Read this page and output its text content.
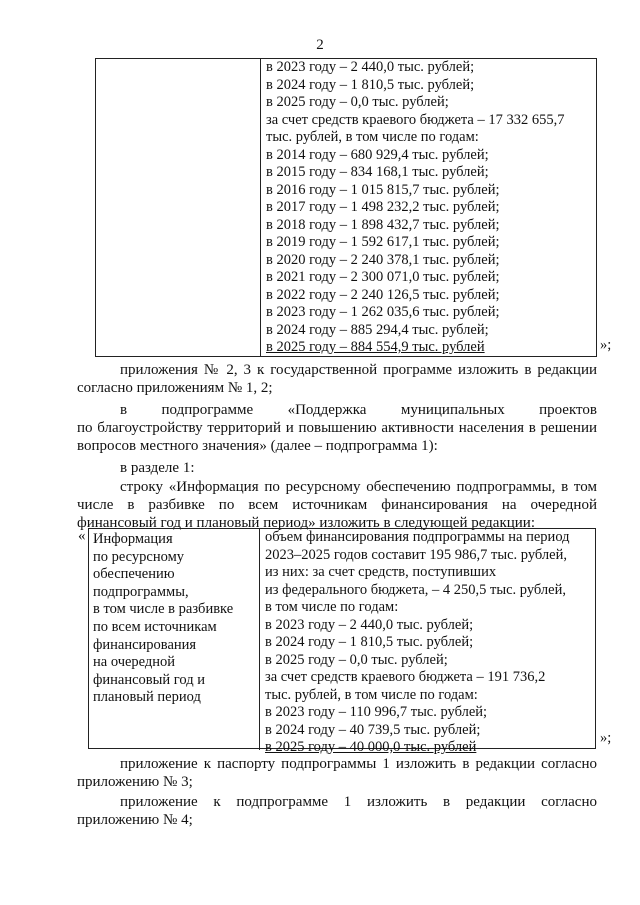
2
в 2023 году – 2 440,0 тыс. рублей;
в 2024 году – 1 810,5 тыс. рублей;
в 2025 году – 0,0 тыс. рублей;
за счет средств краевого бюджета – 17 332 655,7
тыс. рублей, в том числе по годам:
в 2014 году – 680 929,4 тыс. рублей;
в 2015 году – 834 168,1 тыс. рублей;
в 2016 году – 1 015 815,7 тыс. рублей;
в 2017 году – 1 498 232,2 тыс. рублей;
в 2018 году – 1 898 432,7 тыс. рублей;
в 2019 году – 1 592 617,1 тыс. рублей;
в 2020 году – 2 240 378,1 тыс. рублей;
в 2021 году – 2 300 071,0 тыс. рублей;
в 2022 году – 2 240 126,5 тыс. рублей;
в 2023 году – 1 262 035,6 тыс. рублей;
в 2024 году – 885 294,4 тыс. рублей;
в 2025 году – 884 554,9 тыс. рублей	»;
приложения № 2, 3 к государственной программе изложить в редакции
согласно приложениям № 1, 2;
в подпрограмме «Поддержка муниципальных проектов
по благоустройству территорий и повышению активности населения в решении
вопросов местного значения» (далее – подпрограмма 1):
в разделе 1:
строку «Информация по ресурсному обеспечению подпрограммы, в том
числе в разбивке по всем источникам финансирования на очередной
финансовый год и плановый период» изложить в следующей редакции:
« Информация
по ресурсному
обеспечению
подпрограммы,
в том числе в разбивке
по всем источникам
финансирования
на очередной
финансовый год и
плановый период
объем финансирования подпрограммы на период
2023–2025 годов составит 195 986,7 тыс. рублей,
из них: за счет средств, поступивших
из федерального бюджета, – 4 250,5 тыс. рублей,
в том числе по годам:
в 2023 году – 2 440,0 тыс. рублей;
в 2024 году – 1 810,5 тыс. рублей;
в 2025 году – 0,0 тыс. рублей;
за счет средств краевого бюджета – 191 736,2
тыс. рублей, в том числе по годам:
в 2023 году – 110 996,7 тыс. рублей;
в 2024 году – 40 739,5 тыс. рублей;
в 2025 году – 40 000,0 тыс. рублей
»;
приложение к паспорту подпрограммы 1 изложить в редакции согласно
приложению № 3;
приложение к подпрограмме 1 изложить в редакции согласно
приложению № 4;
